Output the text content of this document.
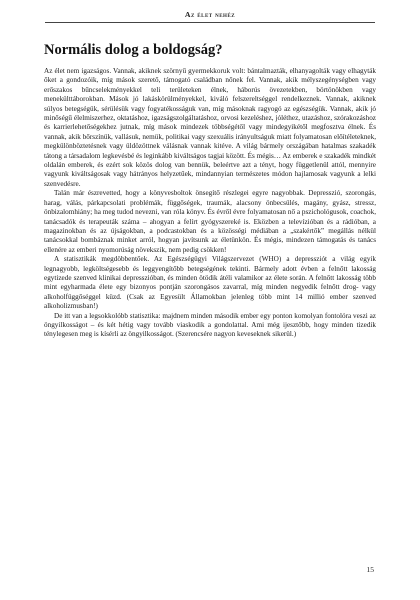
Az élet nehéz
Normális dolog a boldogság?

Az élet nem igazságos. Vannak, akiknek szörnyű gyermekkoruk volt: bántalmazták, elhanyagolták vagy elhagyták őket a gondozóik, míg mások szerető, támogató családban nőnek fel. Vannak, akik mélyszegénységben vagy erőszakos bűncselekményekkel teli területeken élnek, háborús övezetekben, börtönökben vagy menekülttáborokban. Mások jó lakáskörülményekkel, kiváló felszereltséggel rendelkeznek. Vannak, akiknek súlyos betegségük, sérülésük vagy fogyatékosságuk van, míg másoknak ragyogó az egészségük. Vannak, akik jó minőségű élelmiszerhez, oktatáshoz, igazságszolgáltatáshoz, orvosi kezeléshez, jóléthez, utazáshoz, szórakozáshoz és karrierlehetőségekhez jutnak, míg mások mindezek többségétől vagy mindegyikétől megfosztva élnek. És vannak, akik bőrszínük, vallásuk, nemük, politikai vagy szexuális irányultságuk miatt folyamatosan előítéleteknek, megkülönböztetésnek vagy üldözöttnek válásnak vannak kitéve. A világ bármely országában hatalmas szakadék tátong a társadalom legkevésbé és leginkább kiváltságos tagjai között. És mégis… Az emberek e szakadék mindkét oldalán emberek, és ezért sok közös dolog van bennük, beleértve azt a tényt, hogy függetlenül attól, mennyire vagyunk kiváltságosak vagy hátrányos helyzetűek, mindannyian természetes módon hajlamosak vagyunk a lelki szenvedésre.

Talán már észrevetted, hogy a könyvesboltok önsegítő részlegei egyre nagyobbak. Depresszió, szorongás, harag, válás, párkapcsolati problémák, függőségek, traumák, alacsony önbecsülés, magány, gyász, stressz, önbizalomhiány; ha meg tudod nevezni, van róla könyv. És évről évre folyamatosan nő a pszichológusok, coachok, tanácsadók és terapeuták száma – ahogyan a felírt gyógyszereké is. Eközben a televízióban és a rádióban, a magazinokban és az újságokban, a podcastokban és a közösségi médiában a „szakértők” megállás nélkül tanácsokkal bombáznak minket arról, hogyan javítsunk az életünkön. És mégis, mindezen támogatás és tanács ellenére az emberi nyomorúság növekszik, nem pedig csökken!

A statisztikák megdöbbentőek. Az Egészségügyi Világszervezet (WHO) a depressziót a világ egyik legnagyobb, legköltségesebb és leggyengítőbb betegségének tekinti. Bármely adott évben a felnőtt lakosság egytizede szenved klinikai depresszióban, és minden ötödik átéli valamikor az élete során. A felnőtt lakosság több mint egyharmada élete egy bizonyos pontján szorongásos zavarral, míg minden negyedik felnőtt drog- vagy alkoholfüggőséggel küzd. (Csak az Egyesült Államokban jelenleg több mint 14 millió ember szenved alkoholizmusban!)

De itt van a legsokkolóbb statisztika: majdnem minden második ember egy ponton komolyan fontolóra veszi az öngyilkosságot – és két hétig vagy tovább viaskodik a gondolattal. Ami még ijesztőbb, hogy minden tizedik ténylegesen meg is kísérli az öngyilkosságot. (Szerencsére nagyon keveseknek sikerül.)

15
